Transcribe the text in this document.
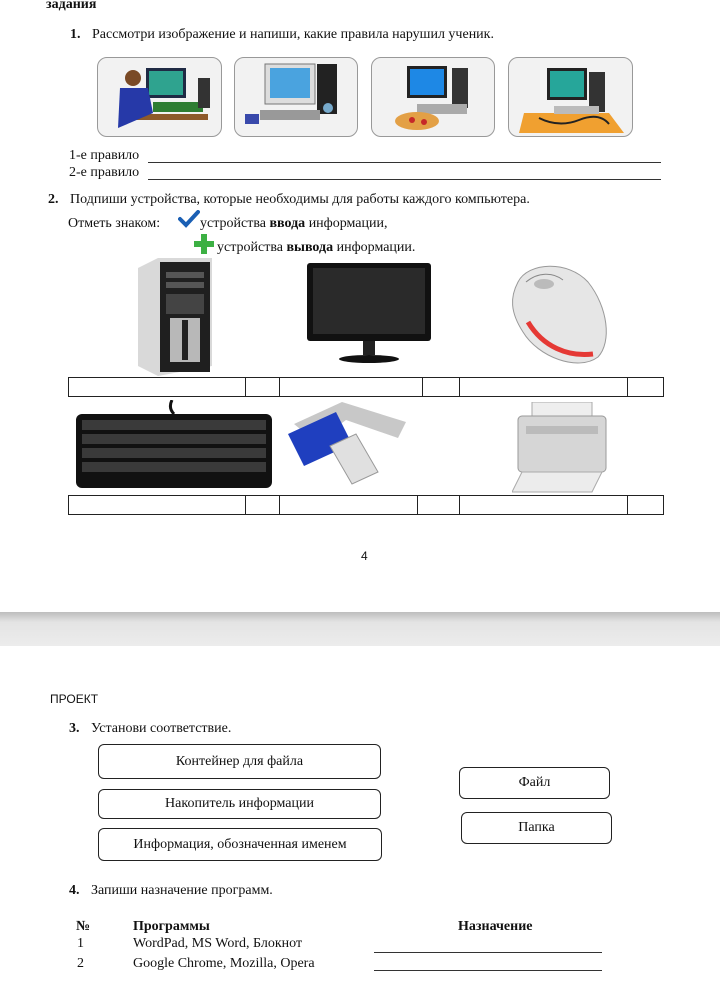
задания
1. Рассмотри изображение и напиши, какие правила нарушил ученик.
1-е правило
2-е правило
2. Подпиши устройства, которые необходимы для работы каждого компьютера.
Отметь знаком:	устройства ввода информации,
устройства вывода информации.
4
ПРОЕКТ
3. Установи соответствие.
Контейнер для файла
Накопитель информации
Информация, обозначенная именем
Файл
Папка
4. Запиши назначение программ.
№	Программы	Назначение
1	WordPad, MS Word, Блокнот
2	Google Chrome, Mozilla, Opera
